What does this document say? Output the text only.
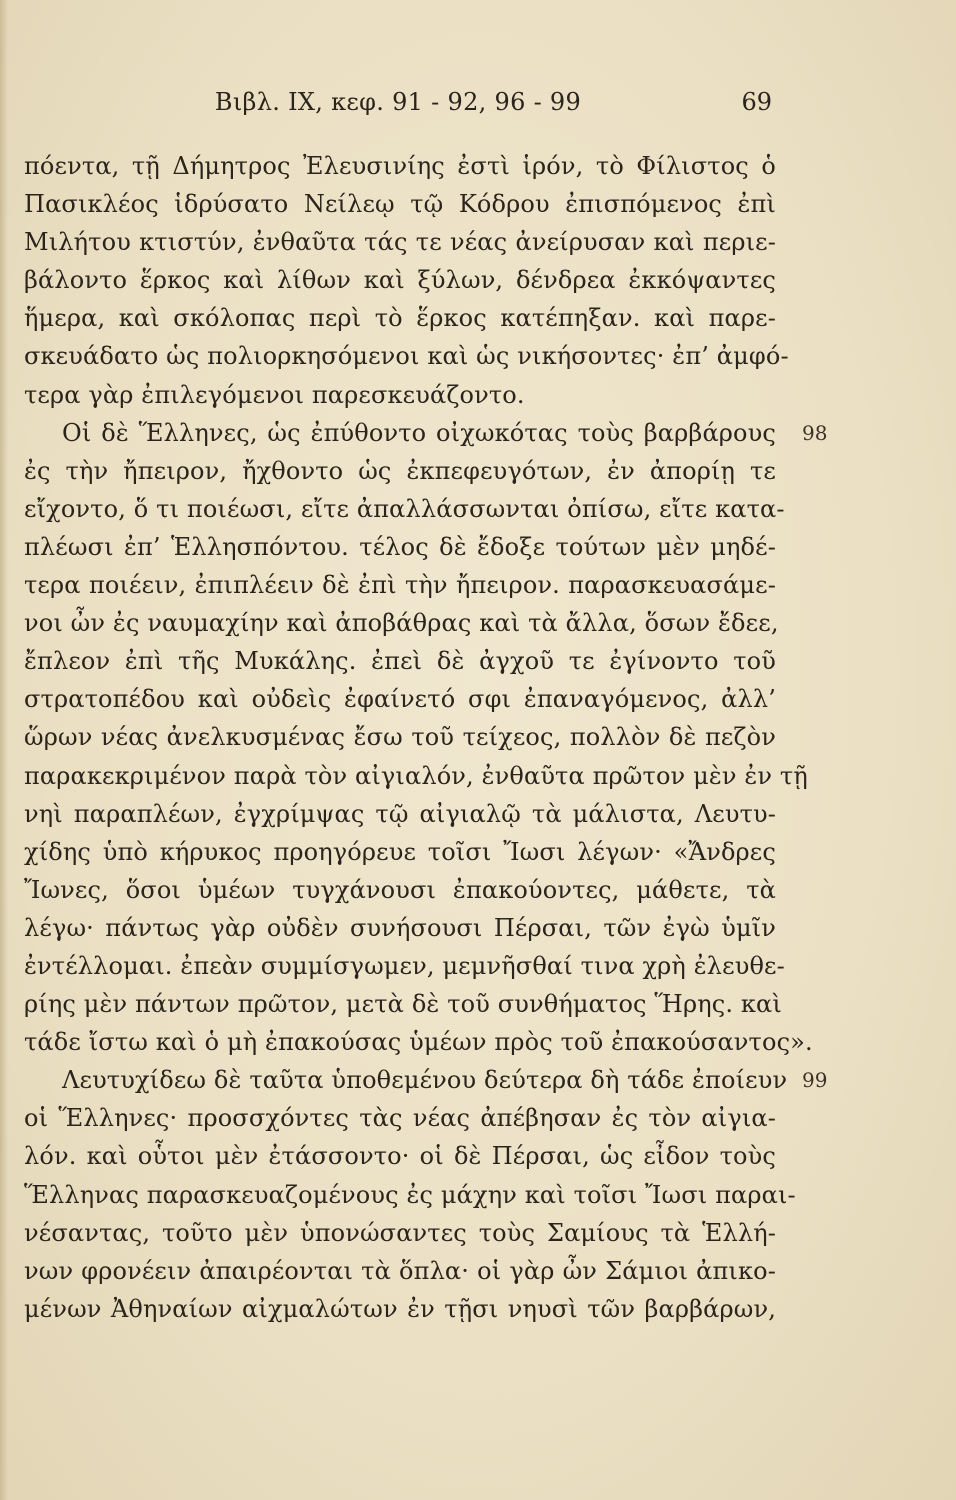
Βιβλ. ΙΧ, κεφ. 91 - 92, 96 - 99	69
πόεντα, τῇ Δήμητρος Ἐλευσινίης ἐστὶ ἱρόν, τὸ Φίλιστος ὁ
Πασικλέος ἱδρύσατο Νείλεῳ τῷ Κόδρου ἐπισπόμενος ἐπὶ
Μιλήτου κτιστύν, ἐνθαῦτα τάς τε νέας ἀνείρυσαν καὶ περιε-
βάλοντο ἕρκος καὶ λίθων καὶ ξύλων, δένδρεα ἐκκόψαντες
ἥμερα, καὶ σκόλοπας περὶ τὸ ἕρκος κατέπηξαν. καὶ παρε-
σκευάδατο ὡς πολιορκησόμενοι καὶ ὡς νικήσοντες· ἐπ’ ἀμφό-
τερα γὰρ ἐπιλεγόμενοι παρεσκευάζοντο.
Οἱ δὲ Ἕλληνες, ὡς ἐπύθοντο οἰχωκότας τοὺς βαρβάρους 98
ἐς τὴν ἤπειρον, ἤχθοντο ὡς ἐκπεφευγότων, ἐν ἀπορίῃ τε
εἴχοντο, ὅ τι ποιέωσι, εἴτε ἀπαλλάσσωνται ὀπίσω, εἴτε κατα-
πλέωσι ἐπ’ Ἑλλησπόντου. τέλος δὲ ἔδοξε τούτων μὲν μηδέ-
τερα ποιέειν, ἐπιπλέειν δὲ ἐπὶ τὴν ἤπειρον. παρασκευασάμε-
νοι ὦν ἐς ναυμαχίην καὶ ἀποβάθρας καὶ τὰ ἄλλα, ὅσων ἔδεε,
ἔπλεον ἐπὶ τῆς Μυκάλης. ἐπεὶ δὲ ἀγχοῦ τε ἐγίνοντο τοῦ
στρατοπέδου καὶ οὐδεὶς ἐφαίνετό σφι ἐπαναγόμενος, ἀλλ’
ὥρων νέας ἀνελκυσμένας ἔσω τοῦ τείχεος, πολλὸν δὲ πεζὸν
παρακεκριμένον παρὰ τὸν αἰγιαλόν, ἐνθαῦτα πρῶτον μὲν ἐν τῇ
νηὶ παραπλέων, ἐγχρίμψας τῷ αἰγιαλῷ τὰ μάλιστα, Λευτυ-
χίδης ὑπὸ κήρυκος προηγόρευε τοῖσι Ἴωσι λέγων· «Ἄνδρες
Ἴωνες, ὅσοι ὑμέων τυγχάνουσι ἐπακούοντες, μάθετε, τὰ
λέγω· πάντως γὰρ οὐδὲν συνήσουσι Πέρσαι, τῶν ἐγὼ ὑμῖν
ἐντέλλομαι. ἐπεὰν συμμίσγωμεν, μεμνῆσθαί τινα χρὴ ἐλευθε-
ρίης μὲν πάντων πρῶτον, μετὰ δὲ τοῦ συνθήματος Ἥρης. καὶ
τάδε ἴστω καὶ ὁ μὴ ἐπακούσας ὑμέων πρὸς τοῦ ἐπακούσαντος».
Λευτυχίδεω δὲ ταῦτα ὑποθεμένου δεύτερα δὴ τάδε ἐποίευν 99
οἱ Ἕλληνες· προσσχόντες τὰς νέας ἀπέβησαν ἐς τὸν αἰγια-
λόν. καὶ οὗτοι μὲν ἐτάσσοντο· οἱ δὲ Πέρσαι, ὡς εἶδον τοὺς
Ἕλληνας παρασκευαζομένους ἐς μάχην καὶ τοῖσι Ἴωσι παραι-
νέσαντας, τοῦτο μὲν ὑπονώσαντες τοὺς Σαμίους τὰ Ἑλλή-
νων φρονέειν ἀπαιρέονται τὰ ὅπλα· οἱ γὰρ ὦν Σάμιοι ἀπικο-
μένων Ἀθηναίων αἰχμαλώτων ἐν τῇσι νηυσὶ τῶν βαρβάρων,
